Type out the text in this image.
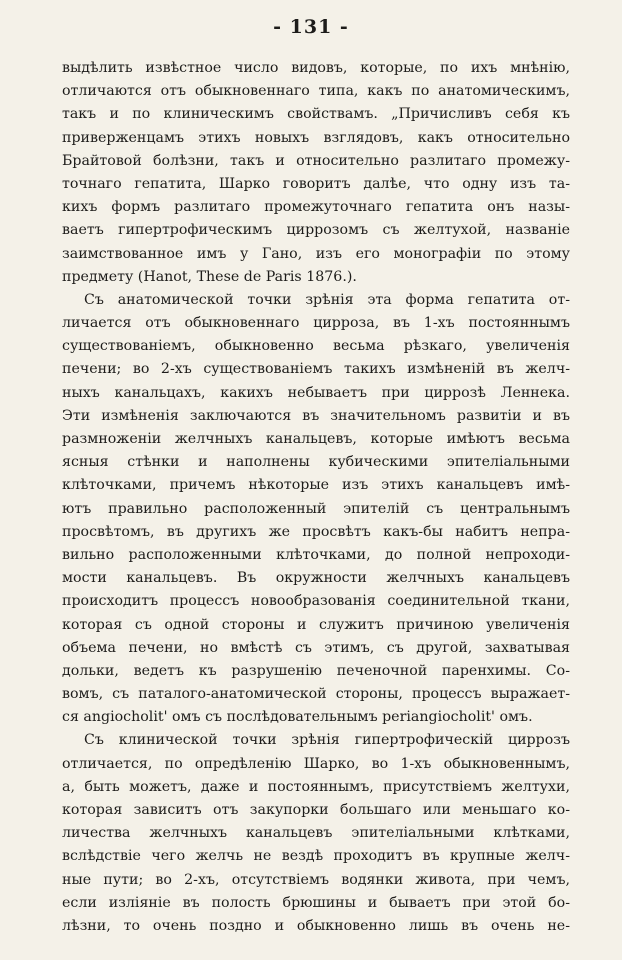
- 131 -
выдѣлить извѣстное число видовъ, которые, по ихъ мнѣнію,
отличаются отъ обыкновеннаго типа, какъ по анатомическимъ,
такъ и по клиническимъ свойствамъ. „Причисливъ себя къ
приверженцамъ этихъ новыхъ взглядовъ, какъ относительно
Брайтовой болѣзни, такъ и относительно разлитаго промежу-
точнаго гепатита, Шарко говоритъ далѣе, что одну изъ та-
кихъ формъ разлитаго промежуточнаго гепатита онъ назы-
ваетъ гипертрофическимъ циррозомъ съ желтухой, названіе
заимствованное имъ у Гано, изъ его монографіи по этому
предмету (Hanot, These de Paris 1876.).
Съ анатомической точки зрѣнія эта форма гепатита от-
личается отъ обыкновеннаго цирроза, въ 1-хъ постояннымъ
существованіемъ, обыкновенно весьма рѣзкаго, увеличенія
печени; во 2-хъ существованіемъ такихъ измѣненій въ желч-
ныхъ канальцахъ, какихъ небываетъ при циррозѣ Леннека.
Эти измѣненія заключаются въ значительномъ развитіи и въ
размноженіи желчныхъ канальцевъ, которые имѣютъ весьма
ясныя стѣнки и наполнены кубическими эпителіальными
клѣточками, причемъ нѣкоторые изъ этихъ канальцевъ имѣ-
ютъ правильно расположенный эпителій съ центральнымъ
просвѣтомъ, въ другихъ же просвѣтъ какъ-бы набитъ непра-
вильно расположенными клѣточками, до полной непроходи-
мости канальцевъ. Въ окружности желчныхъ канальцевъ
происходитъ процессъ новообразованія соединительной ткани,
которая съ одной стороны и служитъ причиною увеличенія
объема печени, но вмѣстѣ съ этимъ, съ другой, захватывая
дольки, ведетъ къ разрушенію печеночной паренхимы. Со-
вомъ, съ паталого-анатомической стороны, процессъ выражает-
ся angiocholit' омъ съ послѣдовательнымъ periangiocholit' омъ.
Съ клинической точки зрѣнія гипертрофическій циррозъ
отличается, по опредѣленію Шарко, во 1-хъ обыкновеннымъ,
а, быть можетъ, даже и постояннымъ, присутствіемъ желтухи,
которая зависитъ отъ закупорки большаго или меньшаго ко-
личества желчныхъ канальцевъ эпителіальными клѣтками,
вслѣдствіе чего желчь не вездѣ проходитъ въ крупные желч-
ные пути; во 2-хъ, отсутствіемъ водянки живота, при чемъ,
если изліяніе въ полость брюшины и бываетъ при этой бо-
лѣзни, то очень поздно и обыкновенно лишь въ очень не-
